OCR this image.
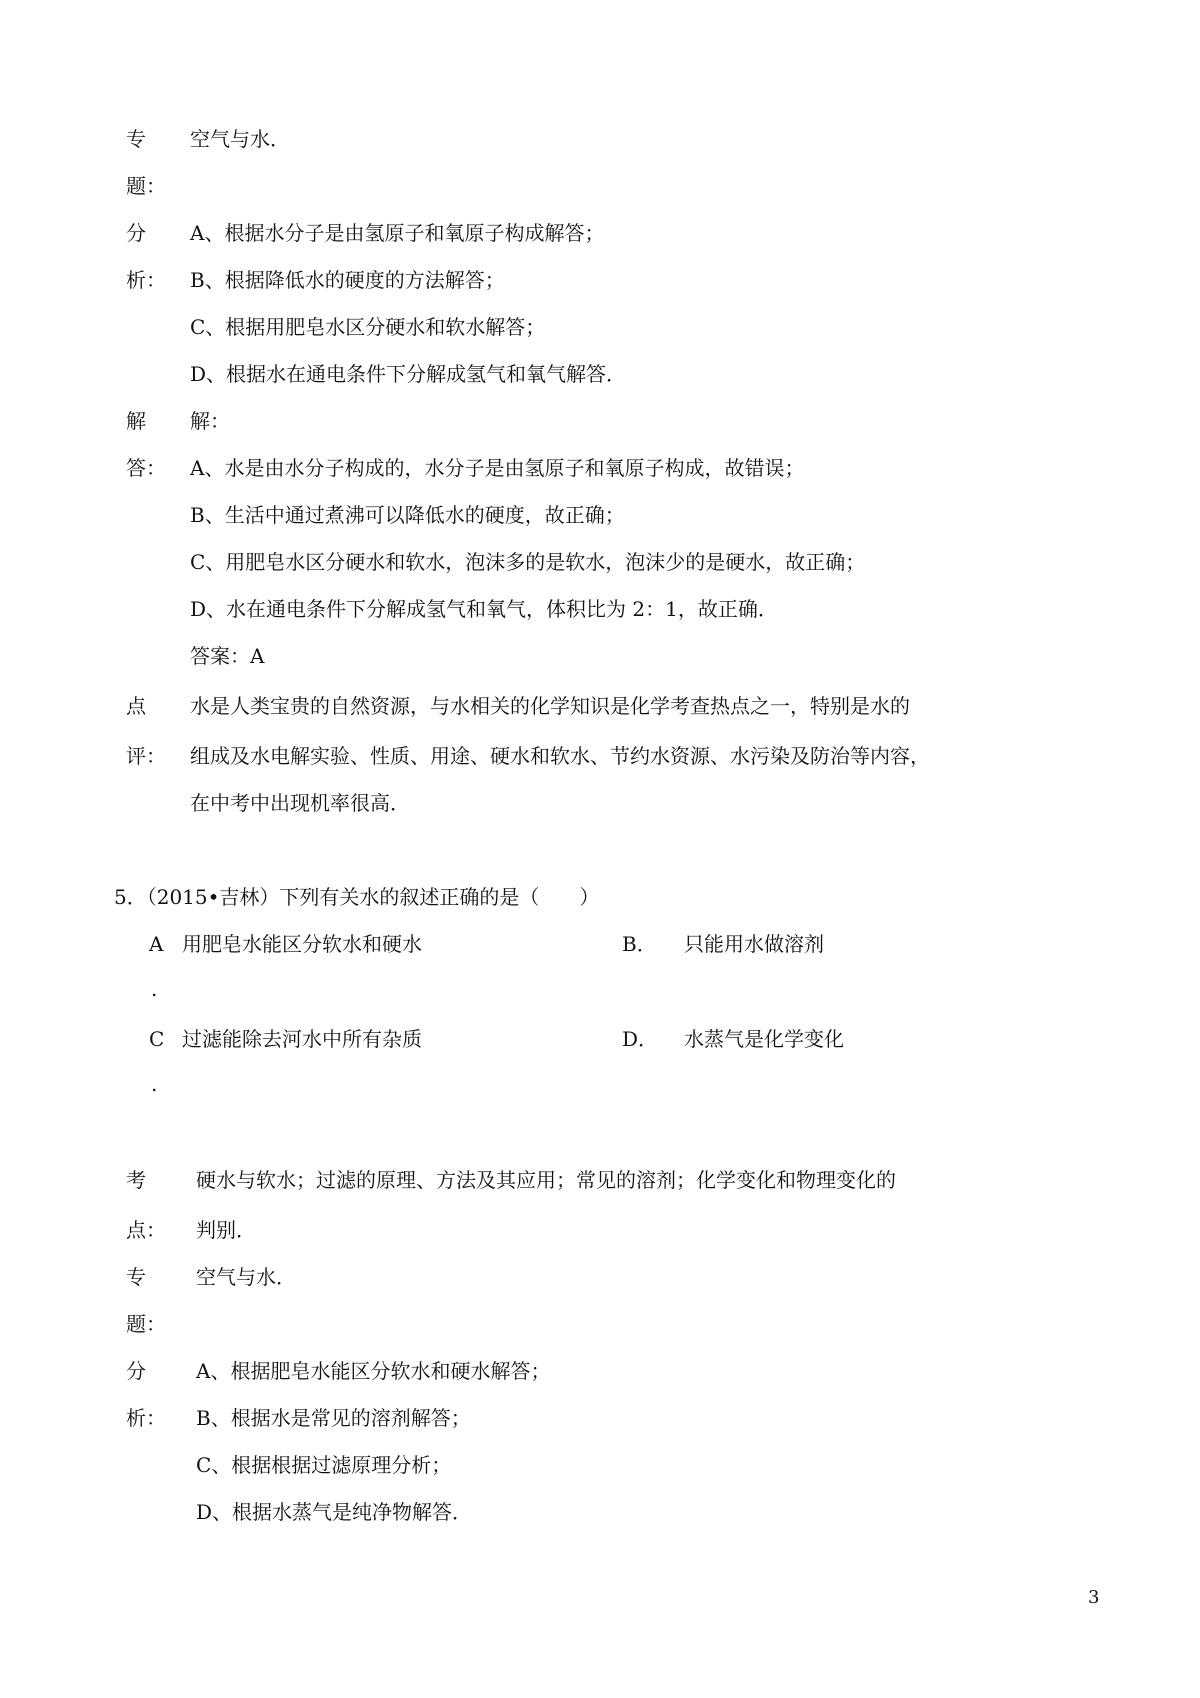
专
题：
空气与水．
分
析：
A、根据水分子是由氢原子和氧原子构成解答；
B、根据降低水的硬度的方法解答；
C、根据用肥皂水区分硬水和软水解答；
D、根据水在通电条件下分解成氢气和氧气解答．
解
答：
解：
A、水是由水分子构成的，水分子是由氢原子和氧原子构成，故错误；
B、生活中通过煮沸可以降低水的硬度，故正确；
C、用肥皂水区分硬水和软水，泡沫多的是软水，泡沫少的是硬水，故正确；
D、水在通电条件下分解成氢气和氧气，体积比为 2：1，故正确．
答案：A
点
评：
水是人类宝贵的自然资源，与水相关的化学知识是化学考查热点之一，特别是水的
组成及水电解实验、性质、用途、硬水和软水、节约水资源、水污染及防治等内容，
在中考中出现机率很高．
5．（2015•吉林）下列有关水的叙述正确的是（　　）
A
.
用肥皂水能区分软水和硬水	B． 只能用水做溶剂
C
.
过滤能除去河水中所有杂质	D． 水蒸气是化学变化
考
点：
硬水与软水；过滤的原理、方法及其应用；常见的溶剂；化学变化和物理变化的
判别．
专
题：
空气与水．
分
析：
A、根据肥皂水能区分软水和硬水解答；
B、根据水是常见的溶剂解答；
C、根据根据过滤原理分析；
D、根据水蒸气是纯净物解答．
3
